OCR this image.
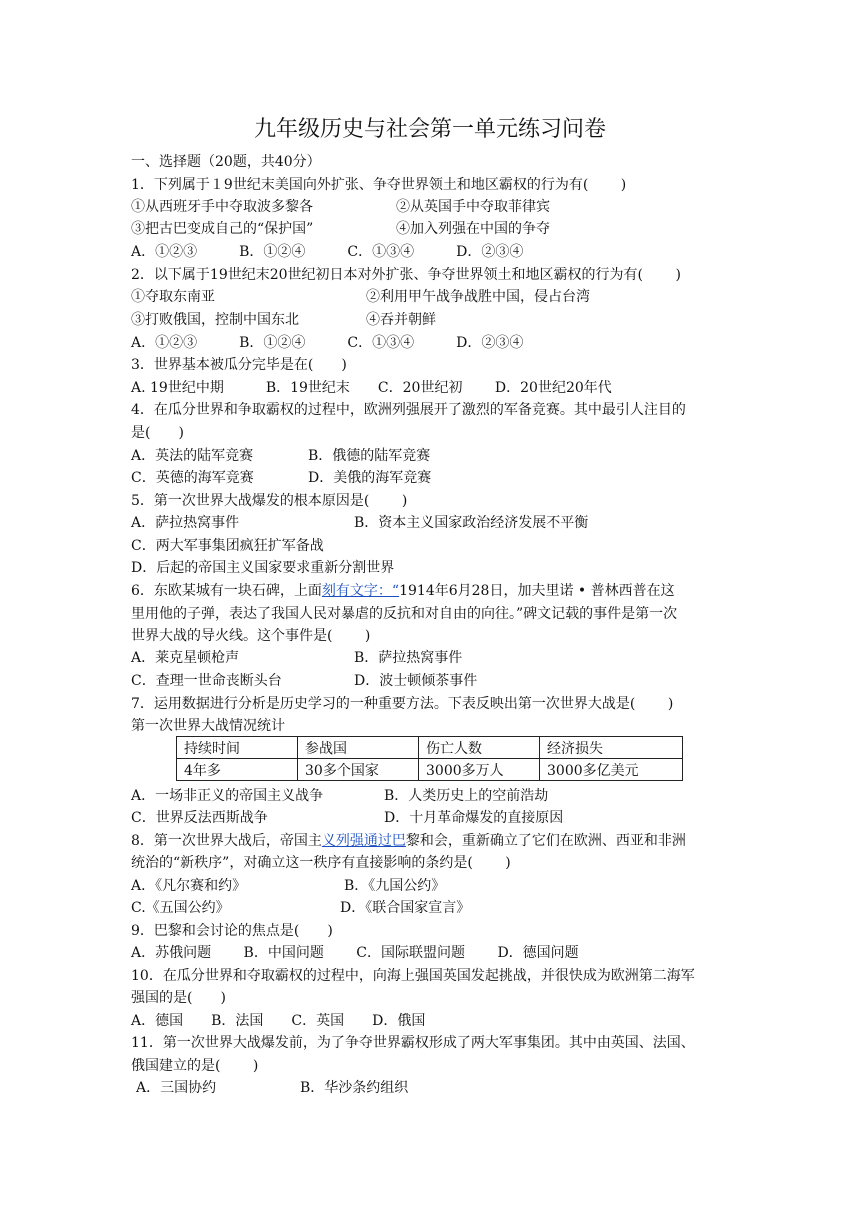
九年级历史与社会第一单元练习问卷
一、选择题（20题，共40分）
1．下列属于１9世纪末美国向外扩张、争夺世界领土和地区霸权的行为有(　　 )
①从西班牙手中夺取波多黎各	②从英国手中夺取菲律宾
③把古巴变成自己的“保护国”	④加入列强在中国的争夺
A．①②③　　　B．①②④　　　C．①③④　　　D．②③④
2．以下属于19世纪末20世纪初日本对外扩张、争夺世界领土和地区霸权的行为有(　　 )
①夺取东南亚	②利用甲午战争战胜中国，侵占台湾
③打败俄国，控制中国东北	④吞并朝鲜
A．①②③　　　B．①②④　　　C．①③④　　　D．②③④
3．世界基本被瓜分完毕是在(　　)
A. 19世纪中期　　　B．19世纪末　　C．20世纪初　　 D．20世纪20年代
4．在瓜分世界和争取霸权的过程中，欧洲列强展开了激烈的军备竞赛。其中最引人注目的
是(　　)
A．英法的陆军竞赛	B．俄德的陆军竞赛
C．英德的海军竞赛	D．美俄的海军竞赛
5．第一次世界大战爆发的根本原因是(　　 )
A．萨拉热窝事件	B．资本主义国家政治经济发展不平衡
C．两大军事集团疯狂扩军备战
D．后起的帝国主义国家要求重新分割世界
6．东欧某城有一块石碑，上面刻有文字：“1914年6月28日，加夫里诺 • 普林西普在这
里用他的子弹，表达了我国人民对暴虐的反抗和对自由的向往。”碑文记载的事件是第一次
世界大战的导火线。这个事件是(　　 )
A．莱克星顿枪声	B．萨拉热窝事件
C．查理一世命丧断头台	D．波士顿倾茶事件
7．运用数据进行分析是历史学习的一种重要方法。下表反映出第一次世界大战是(　　 )
第一次世界大战情况统计
持续时间	参战国	伤亡人数	经济损失
4年多	30多个国家	3000多万人	3000多亿美元
A．一场非正义的帝国主义战争	B．人类历史上的空前浩劫
C．世界反法西斯战争	D．十月革命爆发的直接原因
8．第一次世界大战后，帝国主义列强通过巴黎和会，重新确立了它们在欧洲、西亚和非洲
统治的“新秩序”，对确立这一秩序有直接影响的条约是(　　 )
A．《凡尔赛和约》	B．《九国公约》
C.《五国公约》	D．《联合国家宣言》
9．巴黎和会讨论的焦点是(　　)
A．苏俄问题　　 B．中国问题　　 C．国际联盟问题　　 D．德国问题
10．在瓜分世界和夺取霸权的过程中，向海上强国英国发起挑战，并很快成为欧洲第二海军
强国的是(　　)
A．德国　　B．法国　　C．英国　　D．俄国
11．第一次世界大战爆发前，为了争夺世界霸权形成了两大军事集团。其中由英国、法国、
俄国建立的是(　　 )
A．三国协约	B．华沙条约组织
